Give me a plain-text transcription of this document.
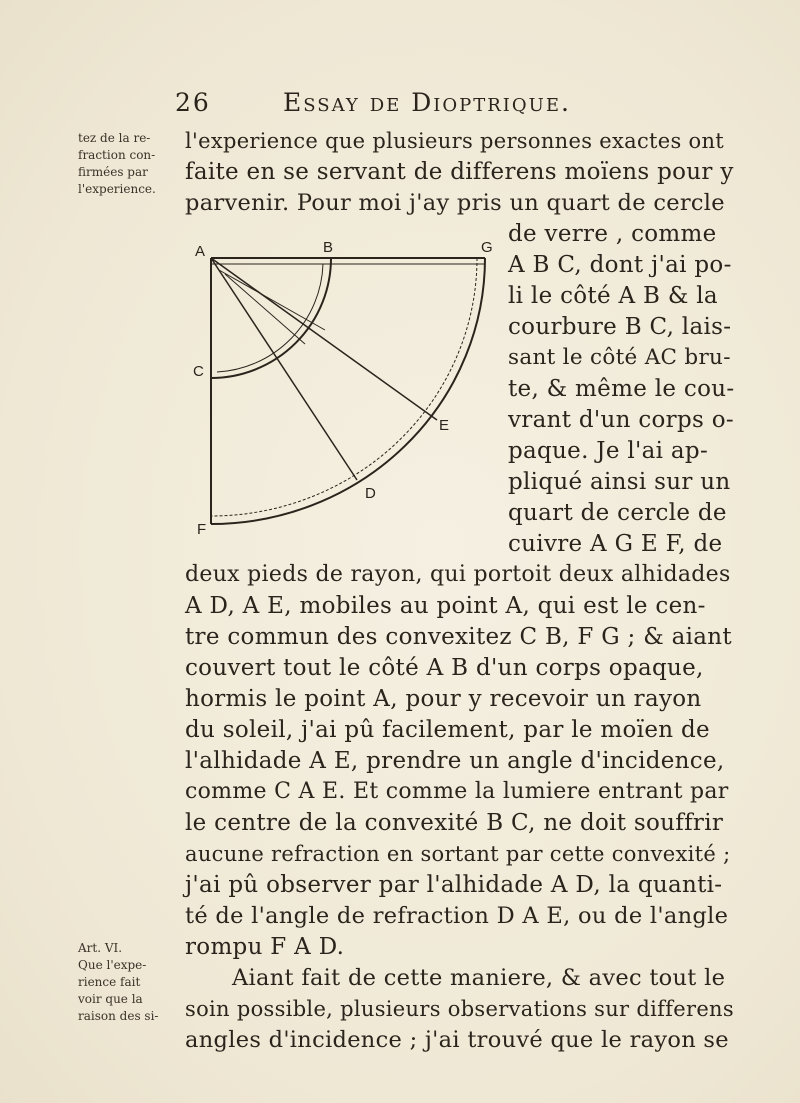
26	Essay de Dioptrique.
tez de la re-
fraction con-
firmées par
l'experience.
Art. VI.
Que l'expe-
rience fait
voir que la
raison des si-
A	B	G
C
E
D
F
l'experience que plusieurs personnes exactes ont
faite en se servant de differens moïens pour y
parvenir. Pour moi j'ay pris un quart de cercle
de verre , comme
A B C, dont j'ai po-
li le côté A B & la
courbure B C, lais-
sant le côté AC bru-
te, & même le cou-
vrant d'un corps o-
paque. Je l'ai ap-
pliqué ainsi sur un
quart de cercle de
cuivre A G E F, de
deux pieds de rayon, qui portoit deux alhidades
A D, A E, mobiles au point A, qui est le cen-
tre commun des convexitez C B, F G ; & aiant
couvert tout le côté A B d'un corps opaque,
hormis le point A, pour y recevoir un rayon
du soleil, j'ai pû facilement, par le moïen de
l'alhidade A E, prendre un angle d'incidence,
comme C A E. Et comme la lumiere entrant par
le centre de la convexité B C, ne doit souffrir
aucune refraction en sortant par cette convexité ;
j'ai pû observer par l'alhidade A D, la quanti-
té de l'angle de refraction D A E, ou de l'angle
rompu F A D.
Aiant fait de cette maniere, & avec tout le
soin possible, plusieurs observations sur differens
angles d'incidence ; j'ai trouvé que le rayon se
